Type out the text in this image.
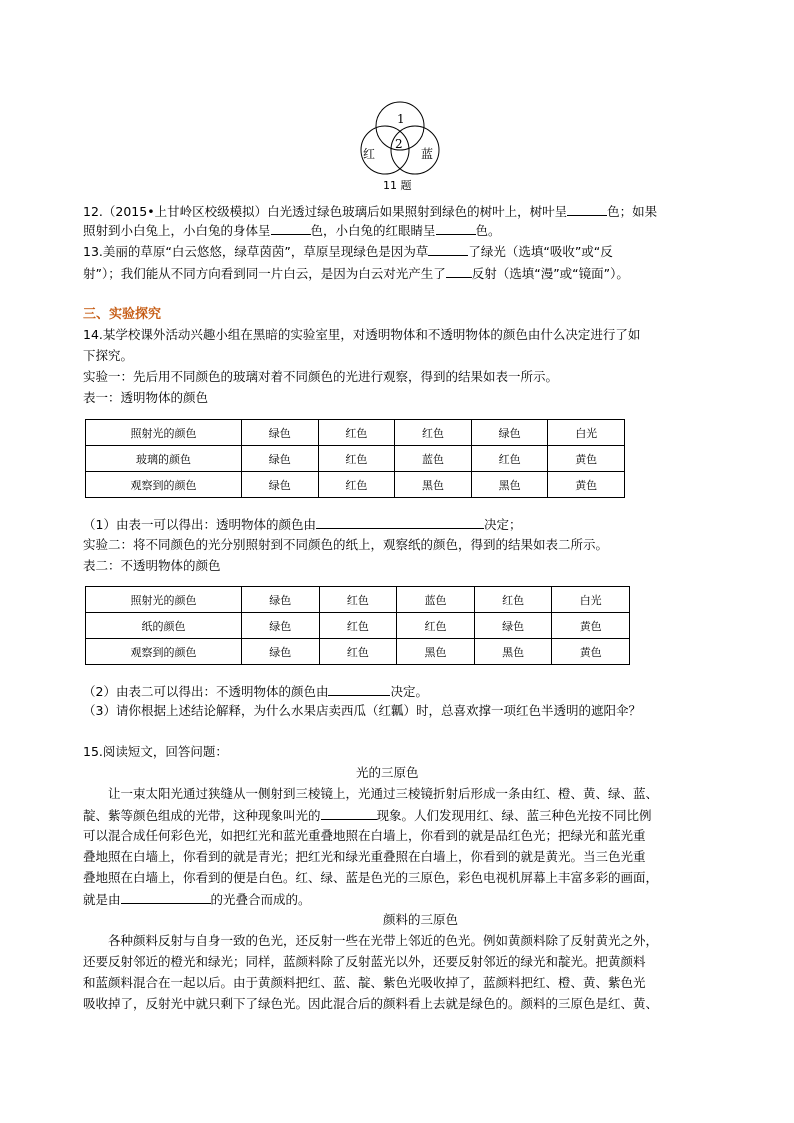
1
红
2
蓝
11 题
12.（2015•上甘岭区校级模拟）白光透过绿色玻璃后如果照射到绿色的树叶上，树叶呈	色；如果
照射到小白兔上，小白兔的身体呈	色，小白兔的红眼睛呈	色。
13.美丽的草原“白云悠悠，绿草茵茵”，草原呈现绿色是因为草	了绿光（选填“吸收”或“反
射”）；我们能从不同方向看到同一片白云，是因为白云对光产生了 反射（选填“漫”或“镜面”）。
三、实验探究
14.某学校课外活动兴趣小组在黑暗的实验室里，对透明物体和不透明物体的颜色由什么决定进行了如
下探究。
实验一：先后用不同颜色的玻璃对着不同颜色的光进行观察，得到的结果如表一所示。
表一：透明物体的颜色
照射光的颜色	绿色	红色	红色	绿色	白光
玻璃的颜色	绿色	红色	蓝色	红色	黄色
观察到的颜色	绿色	红色	黑色	黑色	黄色
（1）由表一可以得出：透明物体的颜色由	决定；
实验二：将不同颜色的光分别照射到不同颜色的纸上，观察纸的颜色，得到的结果如表二所示。
表二：不透明物体的颜色
照射光的颜色	绿色	红色	蓝色	红色	白光
纸的颜色	绿色	红色	红色	绿色	黄色
观察到的颜色	绿色	红色	黑色	黑色	黄色
（2）由表二可以得出：不透明物体的颜色由	决定。
（3）请你根据上述结论解释，为什么水果店卖西瓜（红瓤）时，总喜欢撑一项红色半透明的遮阳伞？
15.阅读短文，回答问题：
光的三原色
让一束太阳光通过狭缝从一侧射到三棱镜上，光通过三棱镜折射后形成一条由红、橙、黄、绿、蓝、
靛、紫等颜色组成的光带，这种现象叫光的	现象。人们发现用红、绿、蓝三种色光按不同比例
可以混合成任何彩色光，如把红光和蓝光重叠地照在白墙上，你看到的就是品红色光；把绿光和蓝光重
叠地照在白墙上，你看到的就是青光；把红光和绿光重叠照在白墙上，你看到的就是黄光。当三色光重
叠地照在白墙上，你看到的便是白色。红、绿、蓝是色光的三原色，彩色电视机屏幕上丰富多彩的画面，
就是由	的光叠合而成的。
颜料的三原色
各种颜料反射与自身一致的色光，还反射一些在光带上邻近的色光。例如黄颜料除了反射黄光之外，
还要反射邻近的橙光和绿光；同样，蓝颜料除了反射蓝光以外，还要反射邻近的绿光和靛光。把黄颜料
和蓝颜料混合在一起以后。由于黄颜料把红、蓝、靛、紫色光吸收掉了，蓝颜料把红、橙、黄、紫色光
吸收掉了，反射光中就只剩下了绿色光。因此混合后的颜料看上去就是绿色的。颜料的三原色是红、黄、
